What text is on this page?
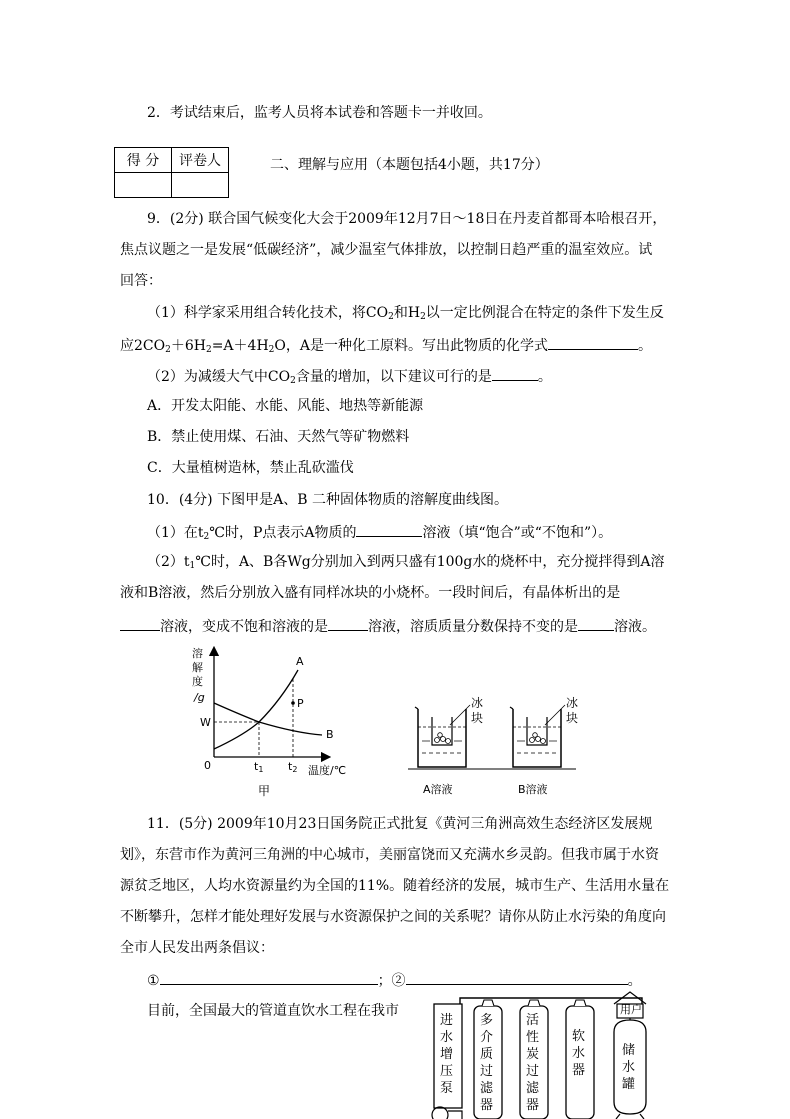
2．考试结束后，监考人员将本试卷和答题卡一并收回。
得 分	评卷人
		二、理解与应用（本题包括4小题，共17分）
9．(2分) 联合国气候变化大会于2009年12月7日～18日在丹麦首都哥本哈根召开，
焦点议题之一是发展“低碳经济”，减少温室气体排放，以控制日趋严重的温室效应。试
回答：
（1）科学家采用组合转化技术，将$CO_2$和$H_2$以一定比例混合在特定的条件下发生反
应$2CO_2+6H_2=A+4H_2O$，A是一种化工原料。写出此物质的化学式	。
（2）为减缓大气中$CO_2$含量的增加，以下建议可行的是	。
A．开发太阳能、水能、风能、地热等新能源
B．禁止使用煤、石油、天然气等矿物燃料
C．大量植树造林，禁止乱砍滥伐
10．(4分) 下图甲是A、B 二种固体物质的溶解度曲线图。
（1）在$t_2℃$时，P点表示A物质的	溶液（填“饱合”或“不饱和”）。
$(2)t_1℃$时，A、B各Wg分别加入到两只盛有100g水的烧杯中，充分搅拌得到A溶
液和B溶液，然后分别放入盛有同样冰块的小烧杯。一段时间后，有晶体析出的是
溶液，变成不饱和溶液的是	溶液，溶质质量分数保持不变的是	溶液。
溶
解
度
/g
W
0
A
B
P
t1 t2 温度/℃
甲
冰
块
A溶液
冰
块
B溶液
11．(5分) 2009年10月23日国务院正式批复《黄河三角洲高效生态经济区发展规
划》，东营市作为黄河三角洲的中心城市，美丽富饶而又充满水乡灵韵。但我市属于水资
源贫乏地区，人均水资源量约为全国的11%。随着经济的发展，城市生产、生活用水量在
不断攀升，怎样才能处理好发展与水资源保护之间的关系呢？请你从防止水污染的角度向
全市人民发出两条倡议：
①	；②	。
目前，全国最大的管道直饮水工程在我市
进水增压泵
多介质过滤器
活性炭过滤器
软水器
储水罐
用户
